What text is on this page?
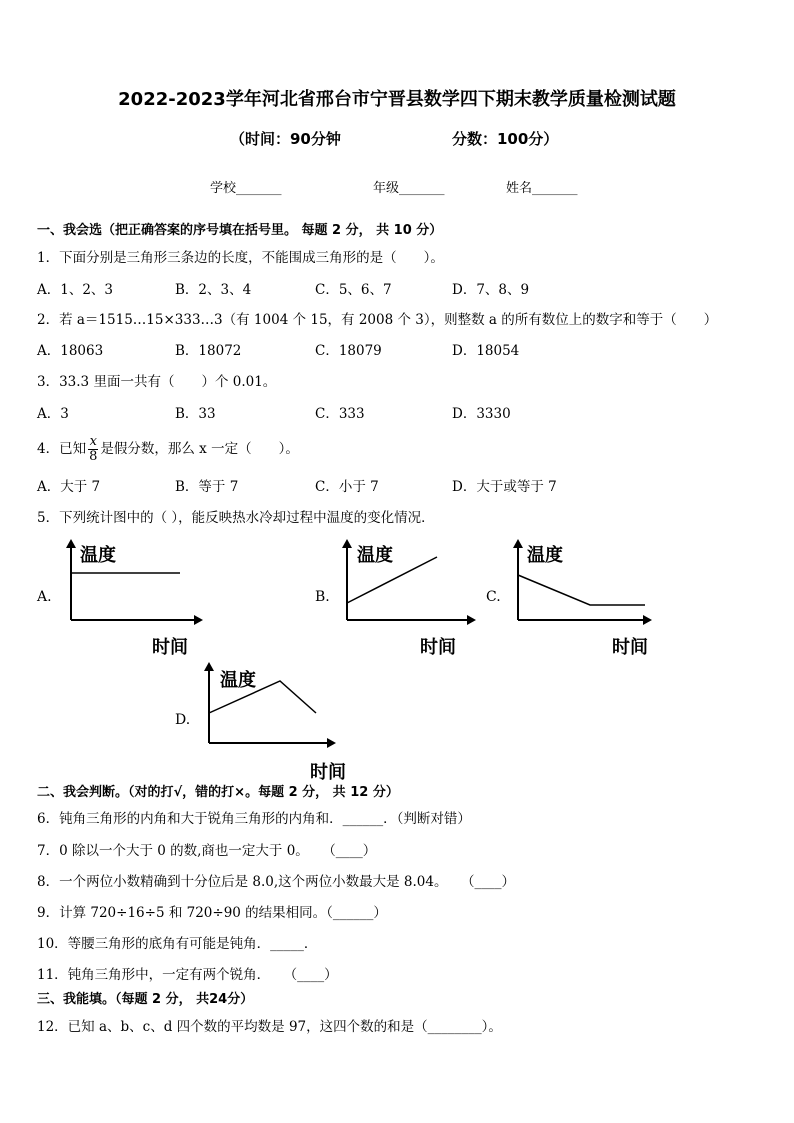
2022-2023学年河北省邢台市宁晋县数学四下期末教学质量检测试题
（时间：90分钟	分数：100分）
学校_______	年级_______	姓名_______
一、我会选（把正确答案的序号填在括号里。 每题 2 分， 共 10 分）
1．下面分别是三角形三条边的长度，不能围成三角形的是（　　）。
A．1、2、3	B．2、3、4	C．5、6、7	D．7、8、9
2．若 a＝1515…15×333…3（有 1004 个 15，有 2008 个 3），则整数 a 的所有数位上的数字和等于（　　）
A．18063	B．18072	C．18079	D．18054
3．33.3 里面一共有（　　）个 0.01。
A．3	B．33	C．333	D．3330
4．已知 $\frac{x}{8}$ 是假分数，那么 x 一定（　　）。
A．大于 7	B．等于 7	C．小于 7	D．大于或等于 7
5．下列统计图中的（ ），能反映热水冷却过程中温度的变化情况．
A.
温度
时间
B.
温度
时间
C.
温度
时间
D.
温度
时间
二、我会判断。（对的打√，错的打×。每题 2 分， 共 12 分）
6．钝角三角形的内角和大于锐角三角形的内角和．______．（判断对错）
7．0 除以一个大于 0 的数,商也一定大于 0。　　（____）
8．一个两位小数精确到十分位后是 8.0,这个两位小数最大是 8.04。　　（____）
9．计算 720÷16÷5 和 720÷90 的结果相同。（______）
10．等腰三角形的底角有可能是钝角．_____．
11．钝角三角形中，一定有两个锐角．　　（____）
三、我能填。（每题 2 分， 共24分）
12．已知 a、b、c、d 四个数的平均数是 97，这四个数的和是（________）。
